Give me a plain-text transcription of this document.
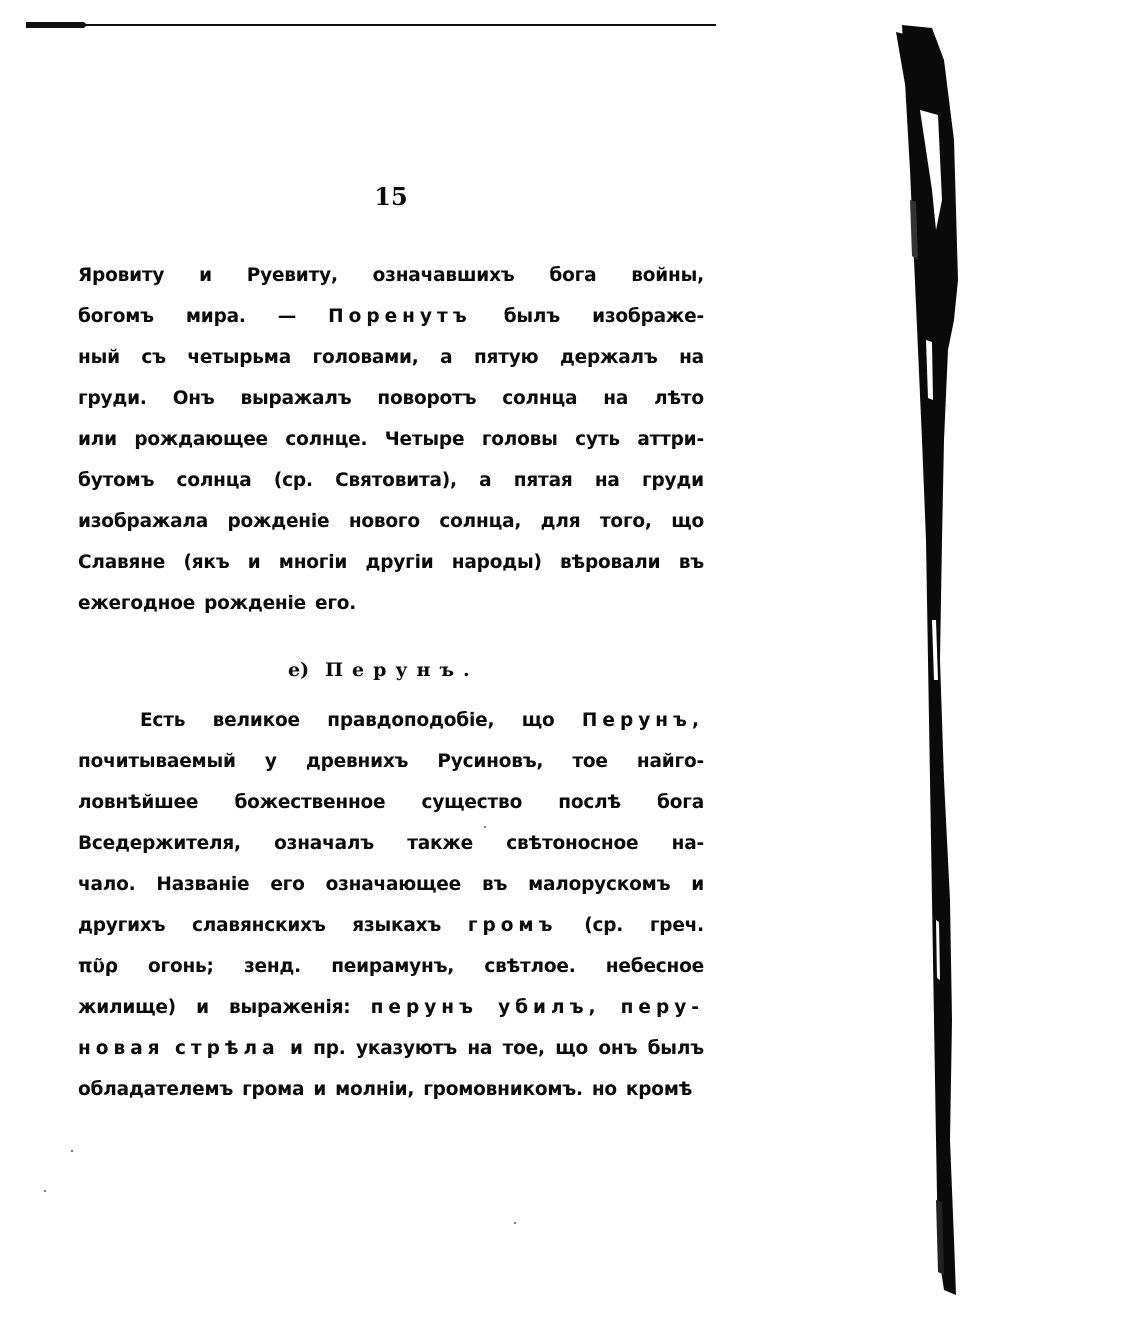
15
Яровиту и Руевиту, означавшихъ бога войны,
богомъ мира. — Поренутъ былъ изображе-
ный съ четырьма головами, а пятую держалъ на
груди. Онъ выражалъ поворотъ солнца на лѣто
или рождающее солнце. Четыре головы суть аттри-
бутомъ солнца (ср. Святовита), а пятая на груди
изображала рожденіе нового солнца, для того, що
Славяне (якъ и многіи другіи народы) вѣровали въ
ежегодное рожденіе его.
e) Перунъ.
Есть великое правдоподобіе, що Перунъ,
почитываемый у древнихъ Русиновъ, тое найго-
ловнѣйшее божественное существо послѣ бога
Вседержителя, означалъ также свѣтоносное на-
чало. Названіе его означающее въ малорускомъ и
другихъ славянскихъ языкахъ громъ (ср. греч.
πῦρ огонь; зенд. пеирамунъ, свѣтлое. небесное
жилище) и выраженія: перунъ убилъ, перу-
новая стрѣла и пр. указуютъ на тое, що онъ былъ
обладателемъ грома и молніи, громовникомъ. но кромѣ
